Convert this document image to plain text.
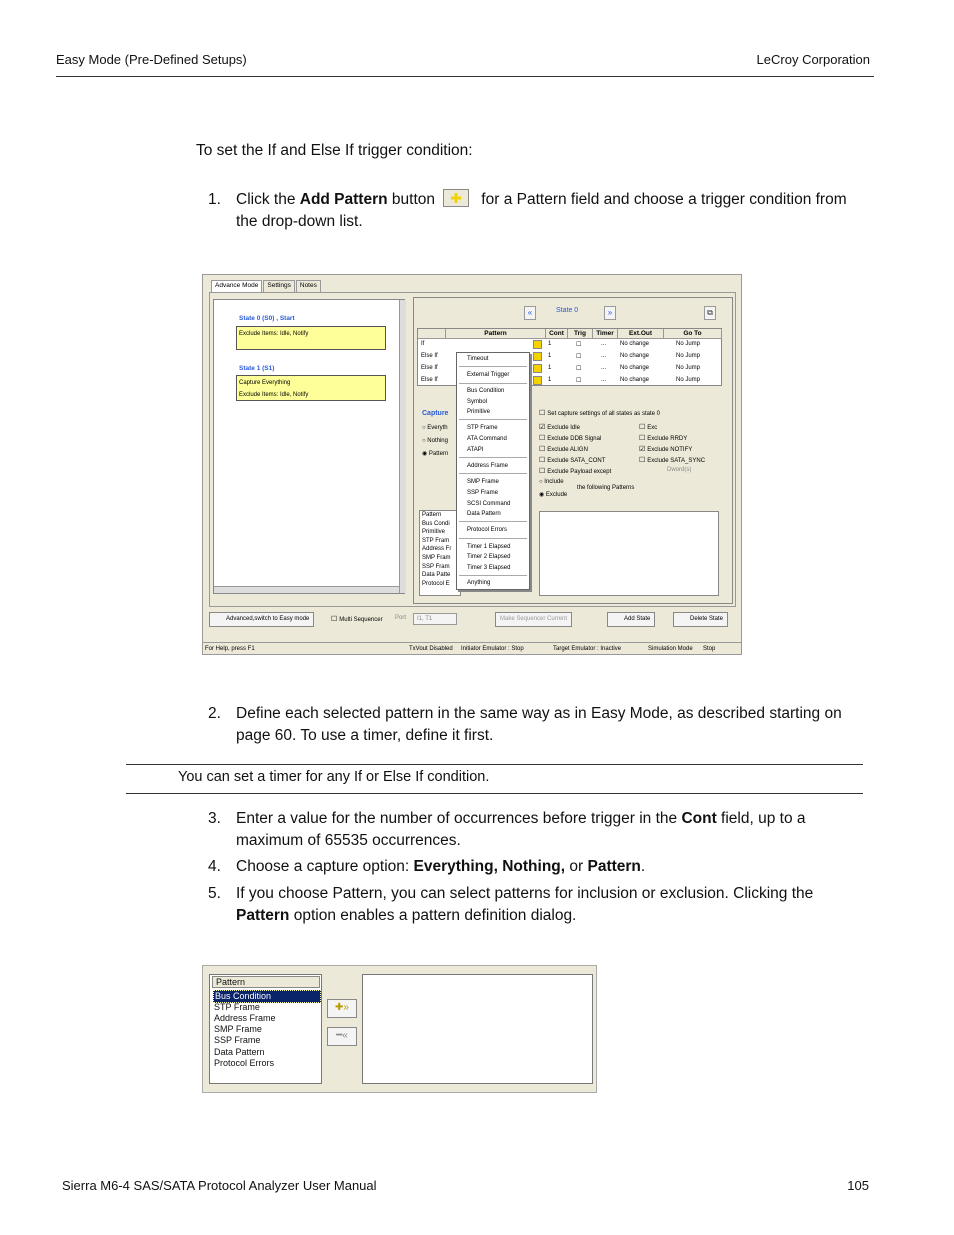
Easy Mode (Pre-Defined Setups)	LeCroy Corporation
To set the If and Else If trigger condition:
1. Click the Add Pattern button	for a Pattern field and choose a trigger condition from the drop-down list.
Advance Mode	Settings	Notes
State 0 (S0) , Start
Exclude Items: Idle, Notify
State 1 (S1)
Capture Everything
Exclude Items: Idle, Notify
«	State 0	»	⧉
Pattern	Cont	Trig	Timer	Ext.Out	Go To
If	1	☐	... No change	No Jump
Else If	1	☐	... No change	No Jump
Else If	1	☐	... No change	No Jump
Else If	1	☐	... No change	No Jump
Capture
○ Everyth
○ Nothing
◉ Pattern
☐ Set capture settings of all states as state 0
☑ Exclude Idle
☐ Exclude DDB Signal
☐ Exclude ALIGN
☐ Exclude SATA_CONT
☐ Exclude Payload except
☐ Exc
☐ Exclude RRDY
☑ Exclude NOTIFY
☐ Exclude SATA_SYNC
Dword(s)
○ Include
◉ Exclude
the following Patterns
Pattern
Bus Condi
Primitive
STP Fram
Address Fr
SMP Fram
SSP Fram
Data Patte
Protocol E
Timeout
External Trigger
Bus Condition
Symbol
Primitive
STP Frame
ATA Command
ATAPI
Address Frame
SMP Frame
SSP Frame
SCSI Command
Data Pattern
Protocol Errors
Timer 1 Elapsed
Timer 2 Elapsed
Timer 3 Elapsed
Anything
Advanced,switch to Easy mode
☐	Multi Sequencer Port	I1, T1	Make Sequencer Current	Add State	Delete State
For Help, press F1	TxVout Disabled Initiator Emulator : Stop	Target Emulator : Inactive	Simulation Mode Stop
2. Define each selected pattern in the same way as in Easy Mode, as described starting on page 60. To use a timer, define it first.
You can set a timer for any If or Else If condition.
3. Enter a value for the number of occurrences before trigger in the Cont field, up to a maximum of 65535 occurrences.
4. Choose a capture option: Everything, Nothing, or Pattern.
5. If you choose Pattern, you can select patterns for inclusion or exclusion. Clicking the Pattern option enables a pattern definition dialog.
Pattern
Bus Condition
STP Frame
Address Frame
SMP Frame
SSP Frame
Data Pattern
Protocol Errors
✚»
━«
Sierra M6-4 SAS/SATA Protocol Analyzer User Manual	105
